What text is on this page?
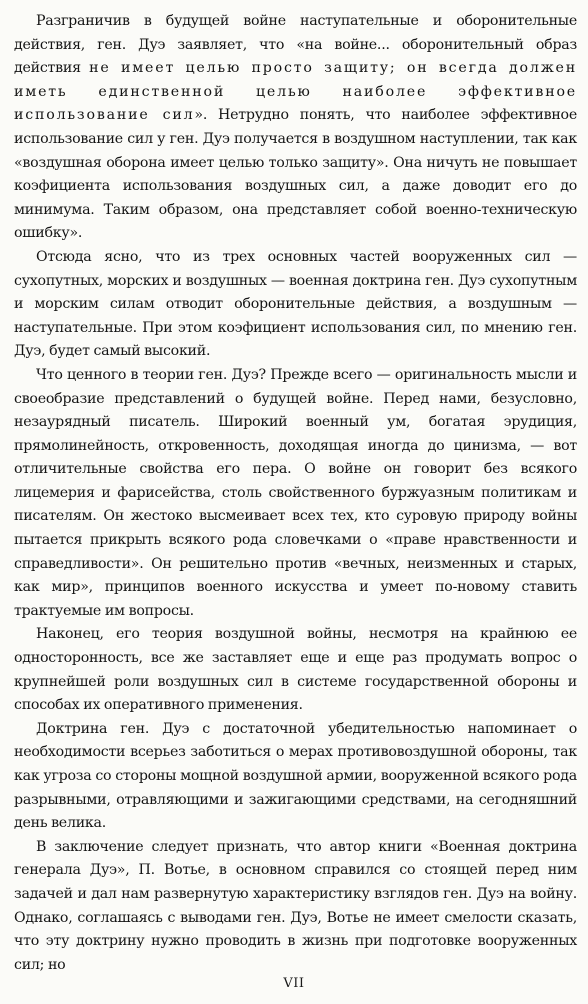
Разграничив в будущей войне наступательные и оборонительные действия, ген. Дуэ заявляет, что «на войне... оборонительный образ действия не имеет целью просто защиту; он всегда должен иметь единственной целью наиболее эффективное использование сил». Нетрудно понять, что наиболее эффективное использование сил у ген. Дуэ получается в воздушном наступлении, так как «воздушная оборона имеет целью только защиту». Она ничуть не повышает коэфициента использования воздушных сил, а даже доводит его до минимума. Таким образом, она представляет собой военно-техническую ошибку».

Отсюда ясно, что из трех основных частей вооруженных сил — сухопутных, морских и воздушных — военная доктрина ген. Дуэ сухопутным и морским силам отводит оборонительные действия, а воздушным — наступательные. При этом коэфициент использования сил, по мнению ген. Дуэ, будет самый высокий.

Что ценного в теории ген. Дуэ? Прежде всего — оригинальность мысли и своеобразие представлений о будущей войне. Перед нами, безусловно, незаурядный писатель. Широкий военный ум, богатая эрудиция, прямолинейность, откровенность, доходящая иногда до цинизма, — вот отличительные свойства его пера. О войне он говорит без всякого лицемерия и фарисейства, столь свойственного буржуазным политикам и писателям. Он жестоко высмеивает всех тех, кто суровую природу войны пытается прикрыть всякого рода словечками о «праве нравственности и справедливости». Он решительно против «вечных, неизменных и старых, как мир», принципов военного искусства и умеет по-новому ставить трактуемые им вопросы.

Наконец, его теория воздушной войны, несмотря на крайнюю ее односторонность, все же заставляет еще и еще раз продумать вопрос о крупнейшей роли воздушных сил в системе государственной обороны и способах их оперативного применения.

Доктрина ген. Дуэ с достаточной убедительностью напоминает о необходимости всерьез заботиться о мерах противовоздушной обороны, так как угроза со стороны мощной воздушной армии, вооруженной всякого рода разрывными, отравляющими и зажигающими средствами, на сегодняшний день велика.

В заключение следует признать, что автор книги «Военная доктрина генерала Дуэ», П. Вотье, в основном справился со стоящей перед ним задачей и дал нам развернутую характеристику взглядов ген. Дуэ на войну. Однако, соглашаясь с выводами ген. Дуэ, Вотье не имеет смелости сказать, что эту доктрину нужно проводить в жизнь при подготовке вооруженных сил; но

VII
